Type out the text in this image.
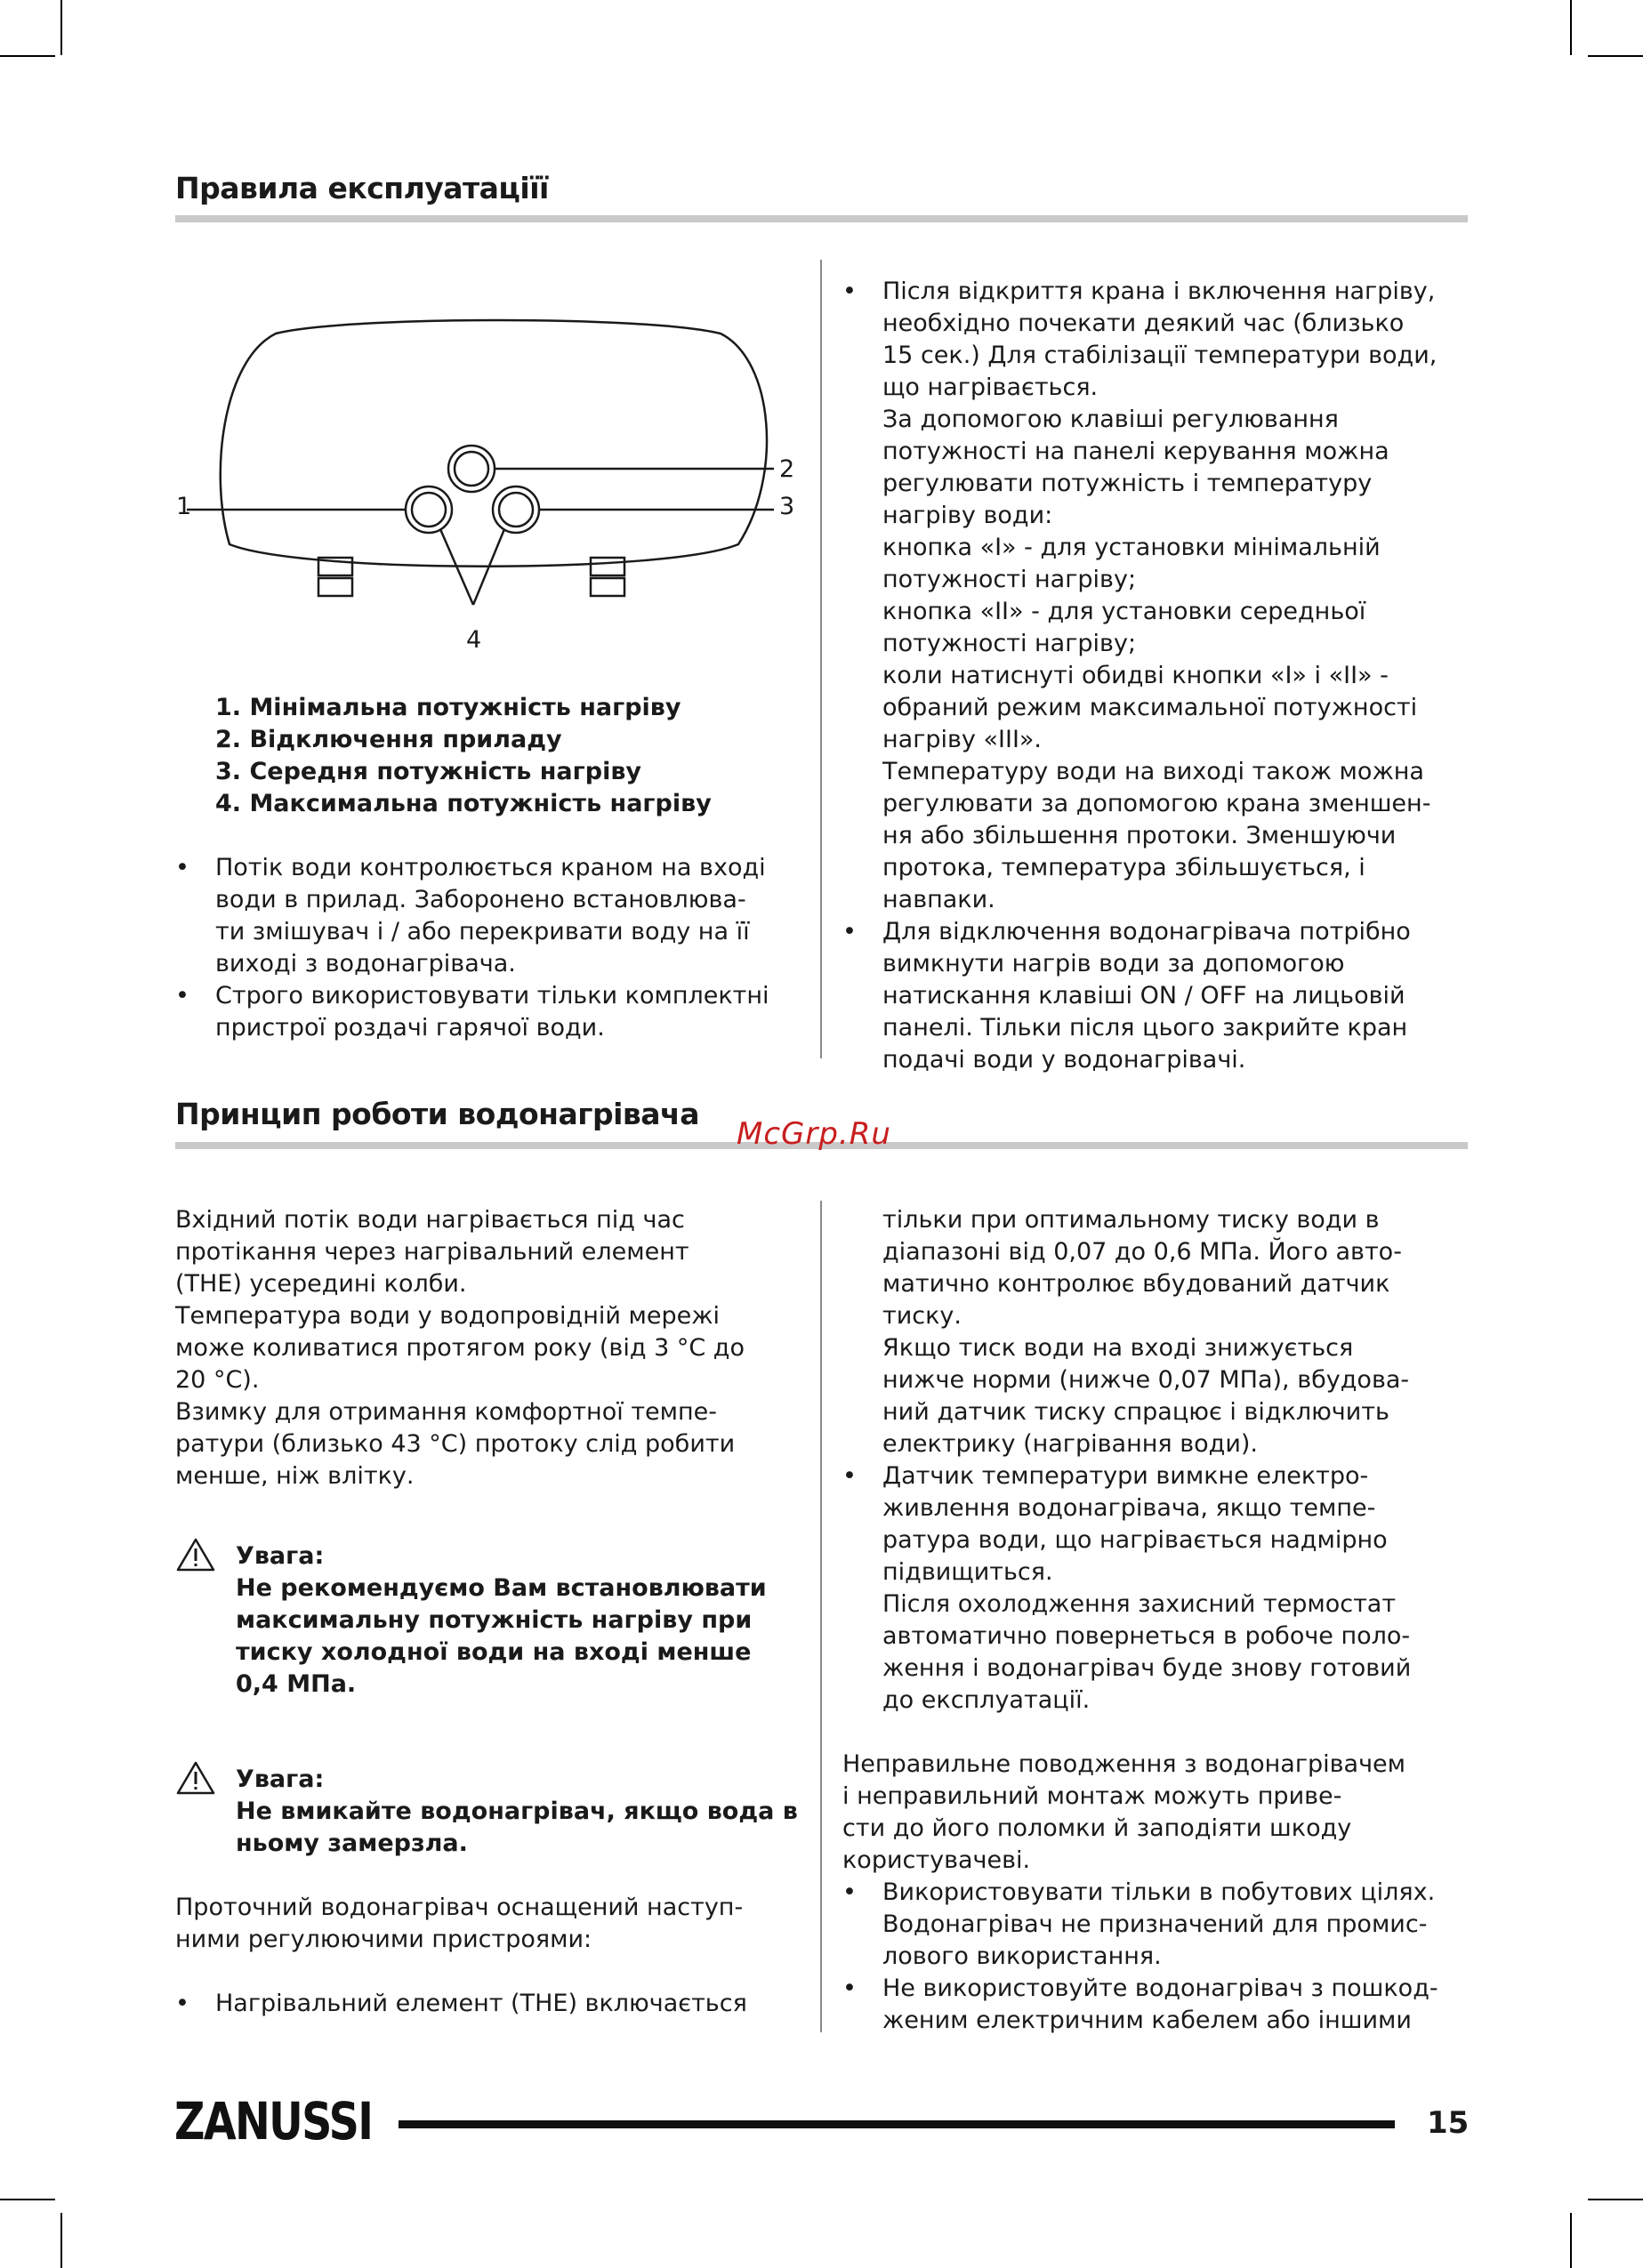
Правила експлуатаціїї
1
2
3
4
1. Мінімальна потужність нагріву
2. Відключення приладу
3. Середня потужність нагріву
4. Максимальна потужність нагріву
• Потік води контролюється краном на вході

води в прилад. Заборонено встановлюва-

ти змішувач і / або перекривати воду на її

виході з водонагрівача.

• Строго використовувати тільки комплектні

пристрої роздачі гарячої води.

• Після відкриття крана і включення нагріву,

необхідно почекати деякий час (близько

15 сек.) Для стабілізації температури води,

що нагрівається.

За допомогою клавіші регулювання

потужності на панелі керування можна

регулювати потужність і температуру

нагріву води:

кнопка «I» - для установки мінімальній

потужності нагріву;

кнопка «II» - для установки середньої

потужності нагріву;

коли натиснуті обидві кнопки «I» і «II» -

обраний режим максимальної потужності

нагріву «III».

Температуру води на виході також можна

регулювати за допомогою крана зменшен-

ня або збільшення протоки. Зменшуючи

протока, температура збільшується, і

навпаки.

• Для відключення водонагрівача потрібно

вимкнути нагрів води за допомогою

натискання клавіші ON / OFF на лицьовій

панелі. Тільки після цього закрийте кран

подачі води у водонагрівачі.

Принцип роботи водонагрівача
McGrp.Ru

Вхідний потік води нагрівається під час

протікання через нагрівальний елемент

(THE) усередині колби.

Температура води у водопровідній мережі

може коливатися протягом року (від 3 °С до

20 °С).

Взимку для отримання комфортної темпе-

ратури (близько 43 °С) протоку слід робити

менше, ніж влітку.

Увага:

Не рекомендуємо Вам встановлювати

максимальну потужність нагріву при

тиску холодної води на вході менше

0,4 МПа.

Увага:

Не вмикайте водонагрівач, якщо вода в

ньому замерзла.

Проточний водонагрівач оснащений наступ-

ними регулюючими пристроями:

• Нагрівальний елемент (THE) включається

тільки при оптимальному тиску води в

діапазоні від 0,07 до 0,6 МПа. Його авто-

матично контролює вбудований датчик

тиску.

Якщо тиск води на вході знижується

нижче норми (нижче 0,07 МПа), вбудова-

ний датчик тиску спрацює і відключить

електрику (нагрівання води).

• Датчик температури вимкне електро-

живлення водонагрівача, якщо темпе-

ратура води, що нагрівається надмірно

підвищиться.

Після охолодження захисний термостат

автоматично повернеться в робоче поло-

ження і водонагрівач буде знову готовий

до експлуатації.

Неправильне поводження з водонагрівачем

і неправильний монтаж можуть приве-

сти до його поломки й заподіяти шкоду

користувачеві.

• Використовувати тільки в побутових цілях.

Водонагрівач не призначений для промис-

лового використання.

• Не використовуйте водонагрівач з пошкод-

женим електричним кабелем або іншими

ZANUSSI	15
